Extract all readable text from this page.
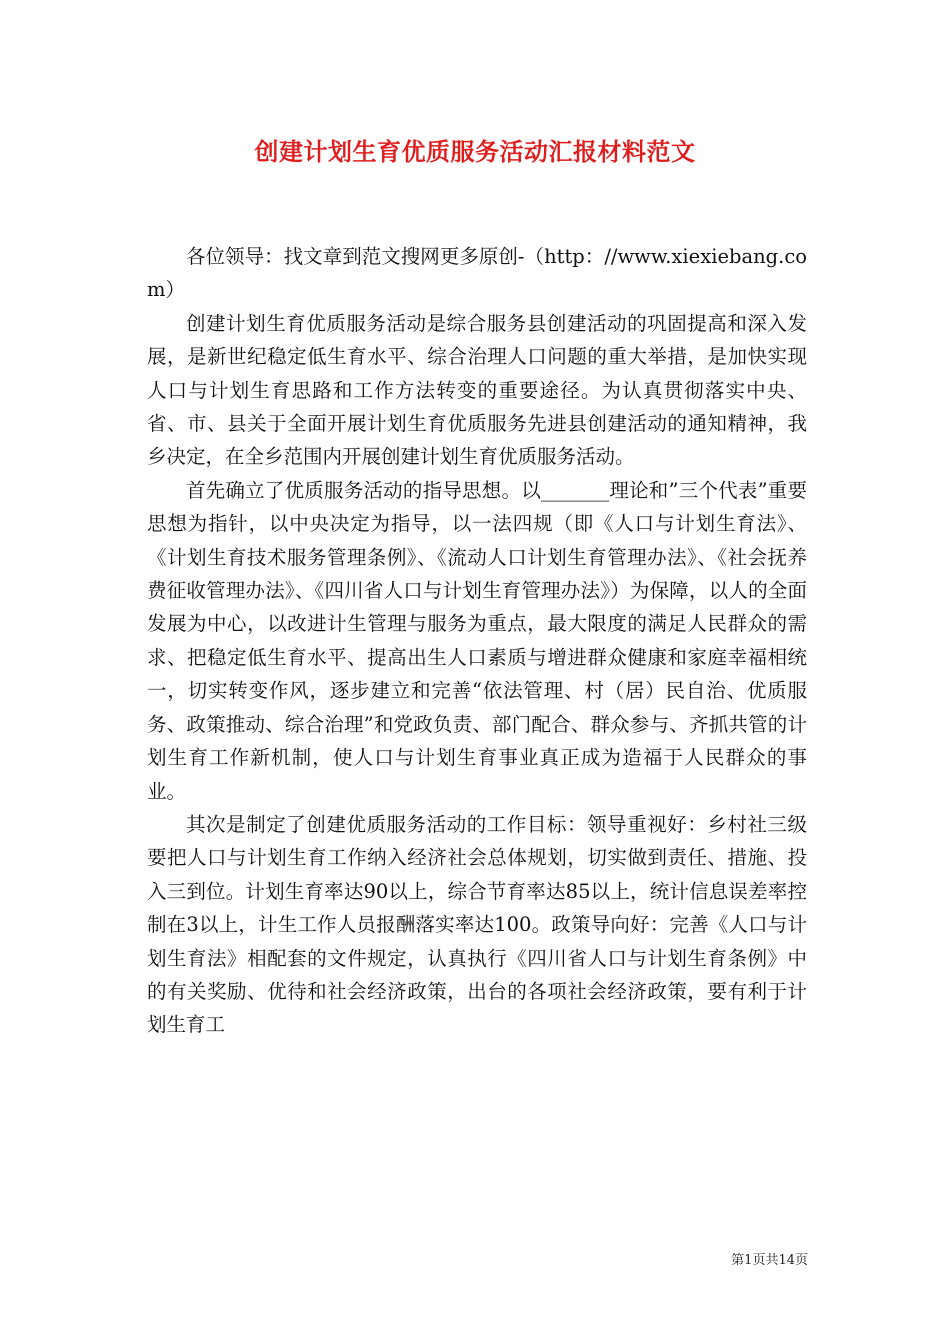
创建计划生育优质服务活动汇报材料范文

各位领导：找文章到范文搜网更多原创-（http：//www.xiexiebang.com）

创建计划生育优质服务活动是综合服务县创建活动的巩固提高和深入发展，是新世纪稳定低生育水平、综合治理人口问题的重大举措，是加快实现人口与计划生育思路和工作方法转变的重要途径。为认真贯彻落实中央、省、市、县关于全面开展计划生育优质服务先进县创建活动的通知精神，我乡决定，在全乡范围内开展创建计划生育优质服务活动。

首先确立了优质服务活动的指导思想。以_______理论和”三个代表”重要思想为指针，以中央决定为指导，以一法四规（即《人口与计划生育法》、《计划生育技术服务管理条例》、《流动人口计划生育管理办法》、《社会抚养费征收管理办法》、《四川省人口与计划生育管理办法》）为保障，以人的全面发展为中心，以改进计生管理与服务为重点，最大限度的满足人民群众的需求、把稳定低生育水平、提高出生人口素质与增进群众健康和家庭幸福相统一，切实转变作风，逐步建立和完善“依法管理、村（居）民自治、优质服务、政策推动、综合治理”和党政负责、部门配合、群众参与、齐抓共管的计划生育工作新机制，使人口与计划生育事业真正成为造福于人民群众的事业。

其次是制定了创建优质服务活动的工作目标：领导重视好：乡村社三级要把人口与计划生育工作纳入经济社会总体规划，切实做到责任、措施、投入三到位。计划生育率达90以上，综合节育率达85以上，统计信息误差率控制在3以上，计生工作人员报酬落实率达100。政策导向好：完善《人口与计划生育法》相配套的文件规定，认真执行《四川省人口与计划生育条例》中的有关奖励、优待和社会经济政策，出台的各项社会经济政策，要有利于计划生育工

第1页共14页
